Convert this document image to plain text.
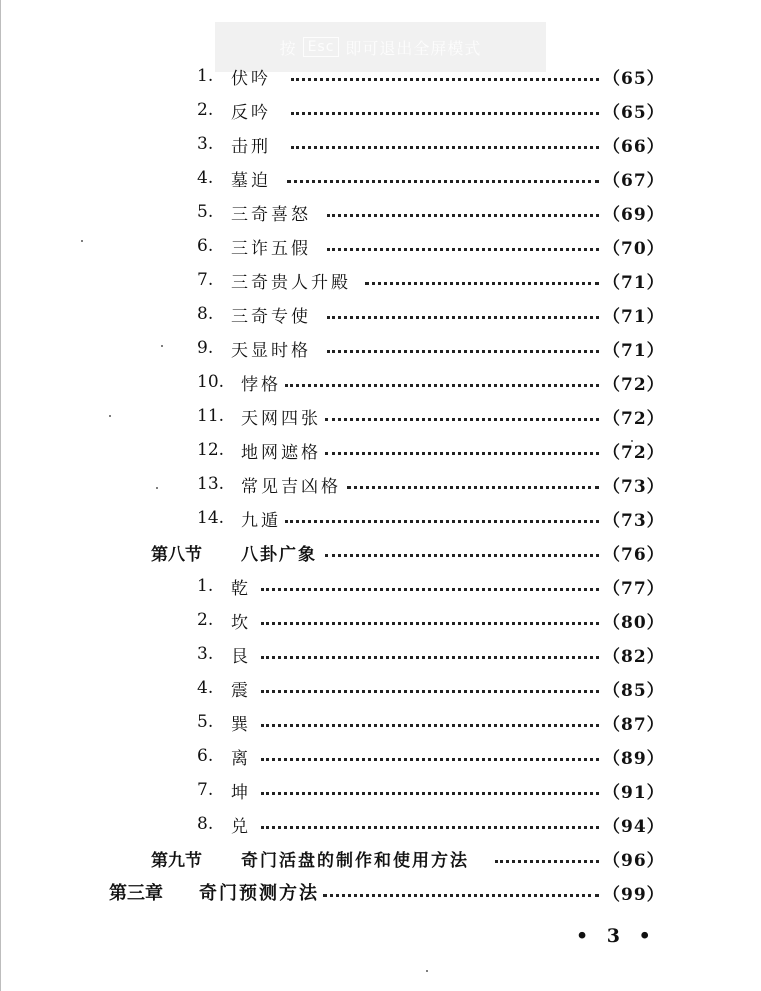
按 Esc 即可退出全屏模式
1. 伏吟	（65）
2. 反吟	（65）
3. 击刑	（66）
4. 墓迫	（67）
5. 三奇喜怒	（69）
6. 三诈五假	（70）
7. 三奇贵人升殿	（71）
8. 三奇专使	（71）
9. 天显时格	（71）
10. 悖格	（72）
11. 天网四张	（72）
12. 地网遮格	（72）
13. 常见吉凶格	（73）
14. 九遁	（73）
第八节 八卦广象	（76）
1. 乾	（77）
2. 坎	（80）
3. 艮	（82）
4. 震	（85）
5. 巽	（87）
6. 离	（89）
7. 坤	（91）
8. 兑	（94）
第九节 奇门活盘的制作和使用方法	（96）
第三章 奇门预测方法	（99）
• 3 •
